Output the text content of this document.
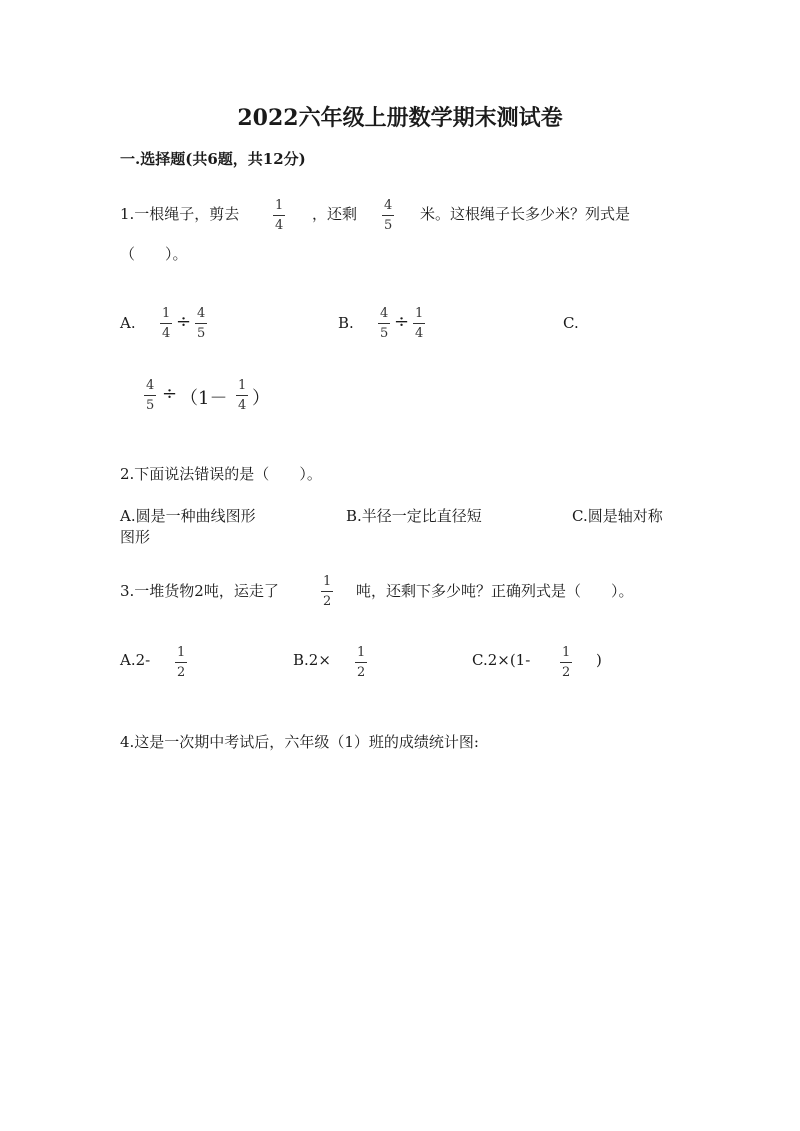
2022六年级上册数学期末测试卷
一.选择题(共6题，共12分)
1.一根绳子，剪去	1
4
，还剩 4
5
米。这根绳子长多少米？列式是
（　　）。
A.
1
4
÷ 4
5
B.
4
5
÷ 1
4
C.
4
5
÷ （1－
1
4 ）
2.下面说法错误的是（　　）。
A.圆是一种曲线图形	B.半径一定比直径短	C.圆是轴对称
图形
3.一堆货物2吨，运走了
1
2
吨，还剩下多少吨？正确列式是（　　）。
A.2- 1
2
B.2× 1
2
C.2×(1- 1
2
)
4.这是一次期中考试后，六年级（1）班的成绩统计图:
